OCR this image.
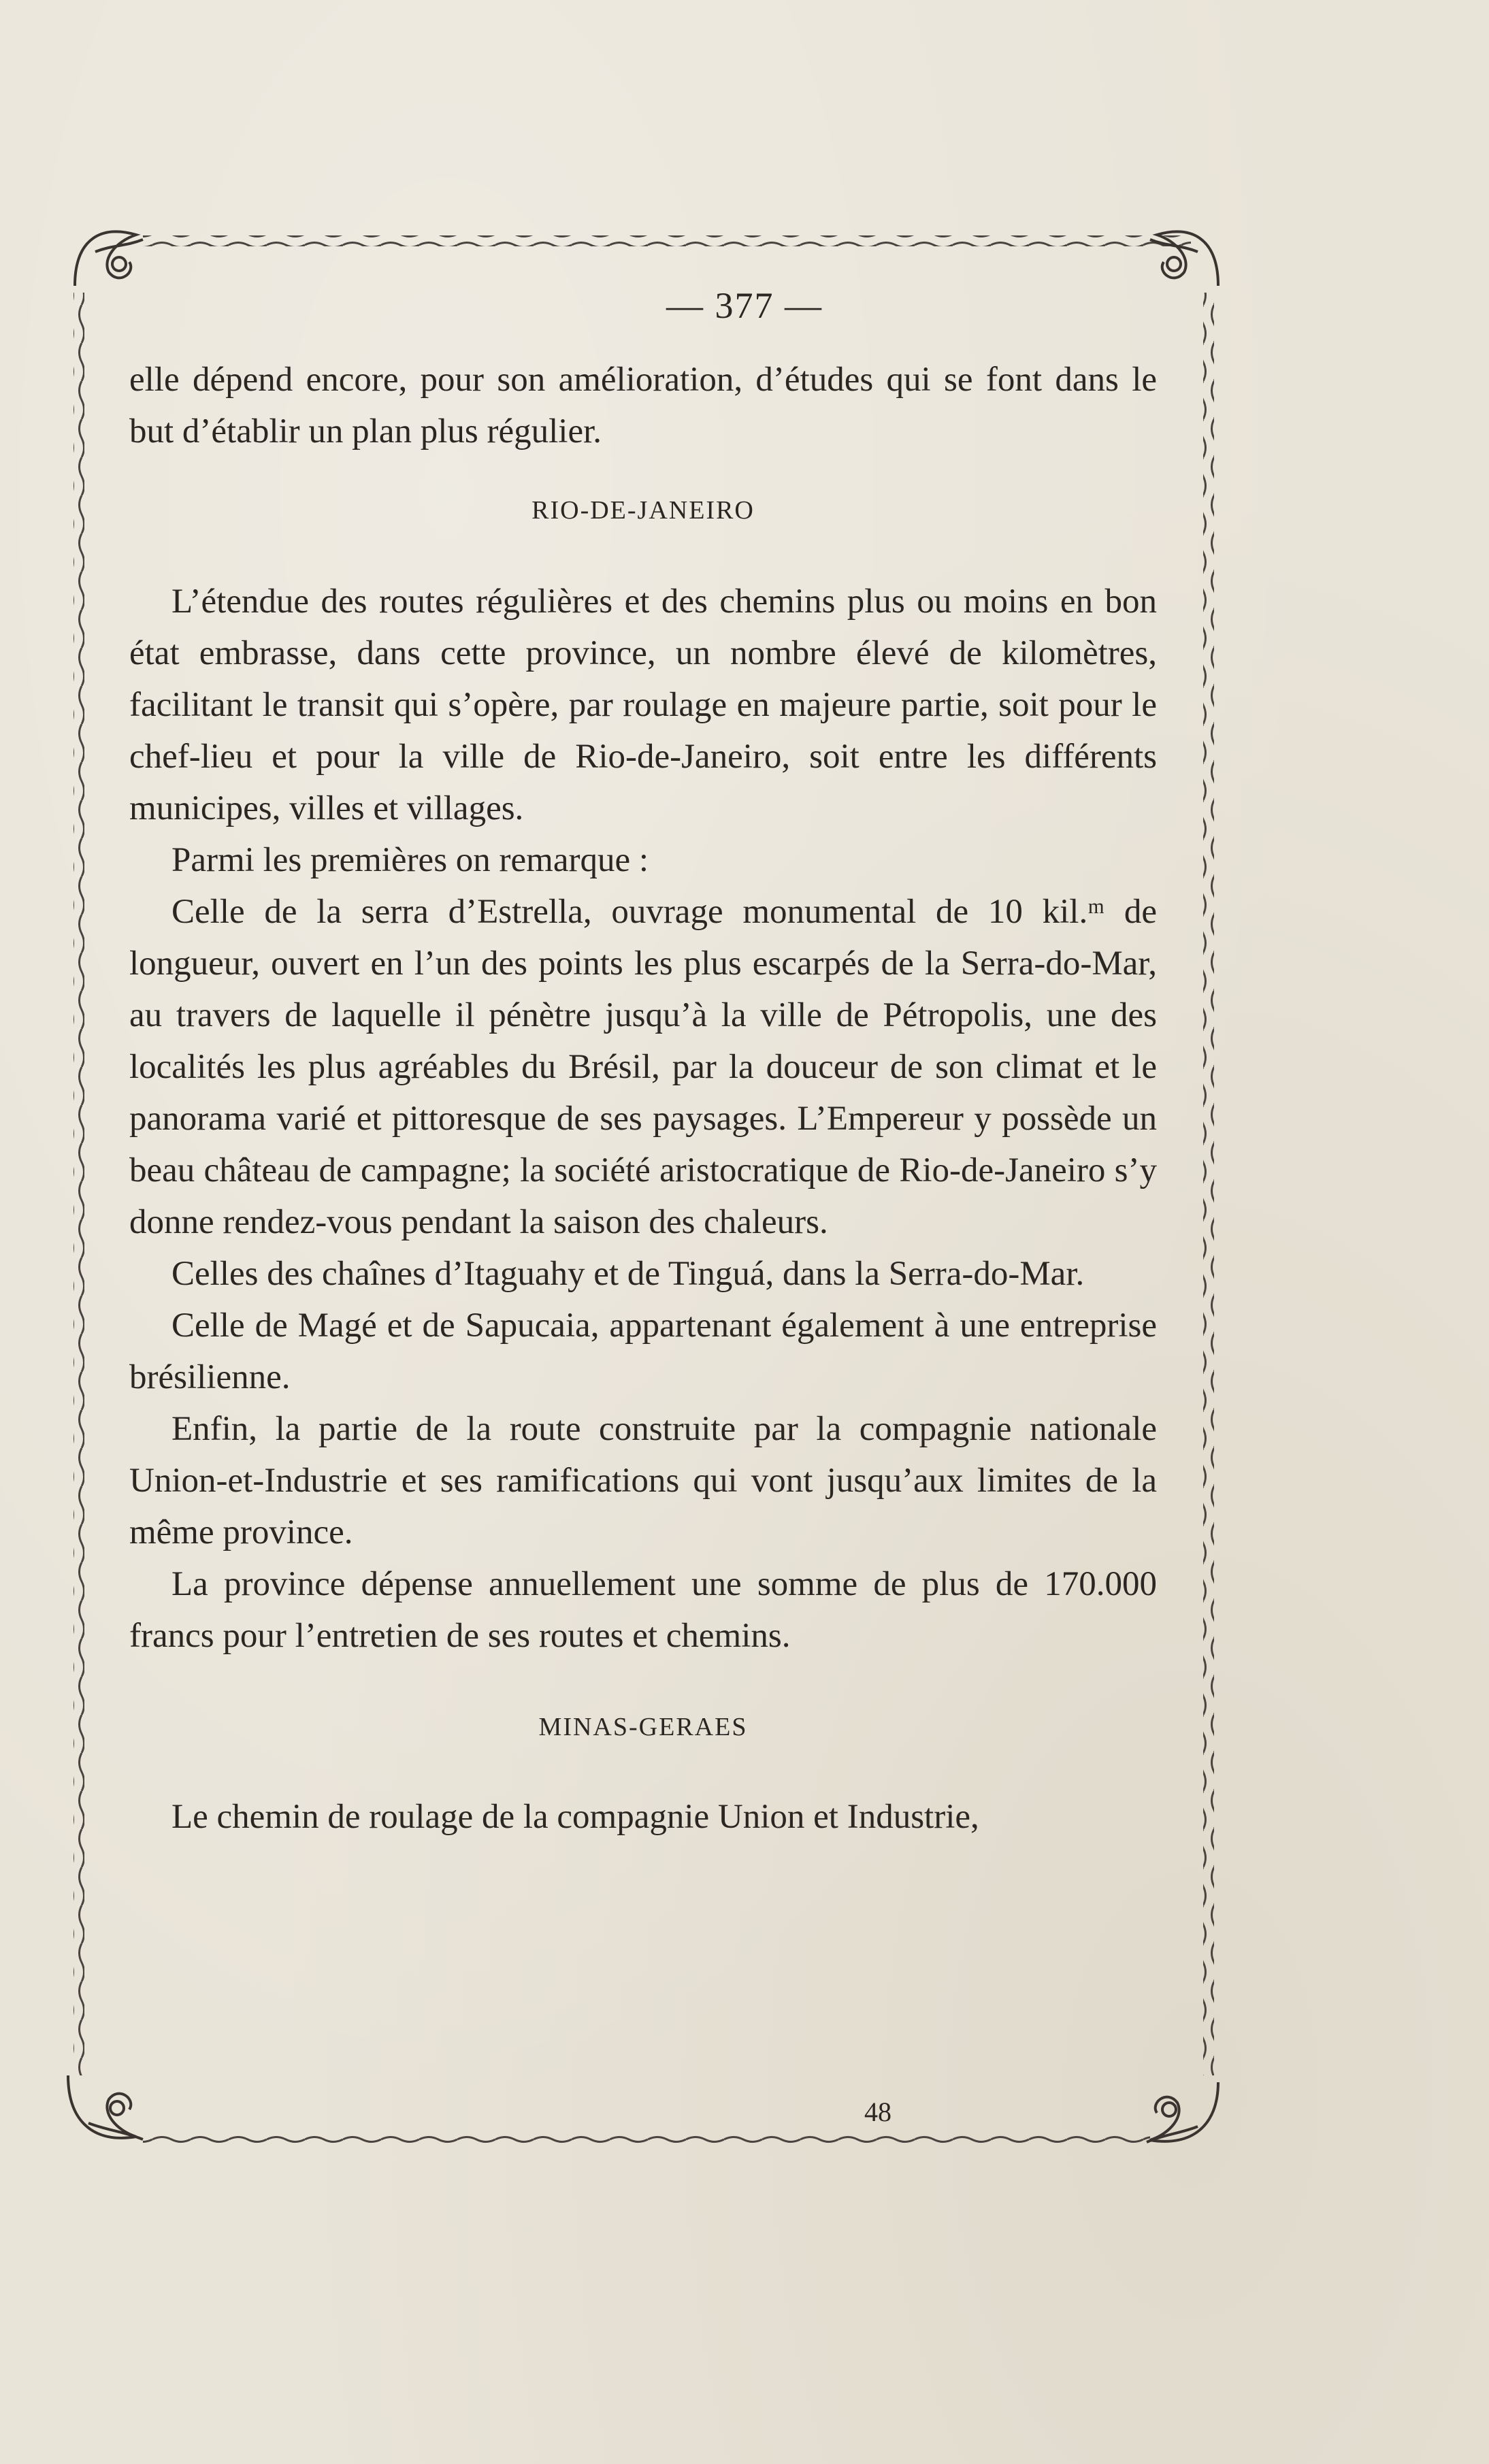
— 377 —

elle dépend encore, pour son amélioration, d’études qui se font dans le but d’établir un plan plus régulier.

RIO-DE-JANEIRO

L’étendue des routes régulières et des chemins plus ou moins en bon état embrasse, dans cette province, un nombre élevé de kilomètres, facilitant le transit qui s’opère, par roulage en majeure partie, soit pour le chef-lieu et pour la ville de Rio-de-Janeiro, soit entre les différents municipes, villes et villages.

Parmi les premières on remarque :

Celle de la serra d’Estrella, ouvrage monumental de 10 kil.ᵐ de longueur, ouvert en l’un des points les plus escarpés de la Serra-do-Mar, au travers de laquelle il pénètre jusqu’à la ville de Pétropolis, une des localités les plus agréables du Brésil, par la douceur de son climat et le panorama varié et pittoresque de ses paysages. L’Empereur y possède un beau château de campagne; la société aristocratique de Rio-de-Janeiro s’y donne rendez-vous pendant la saison des chaleurs.

Celles des chaînes d’Itaguahy et de Tinguá, dans la Serra-do-Mar.

Celle de Magé et de Sapucaia, appartenant également à une entreprise brésilienne.

Enfin, la partie de la route construite par la compagnie nationale Union-et-Industrie et ses ramifications qui vont jusqu’aux limites de la même province.

La province dépense annuellement une somme de plus de 170.000 francs pour l’entretien de ses routes et chemins.

MINAS-GERAES

Le chemin de roulage de la compagnie Union et Industrie,

48
